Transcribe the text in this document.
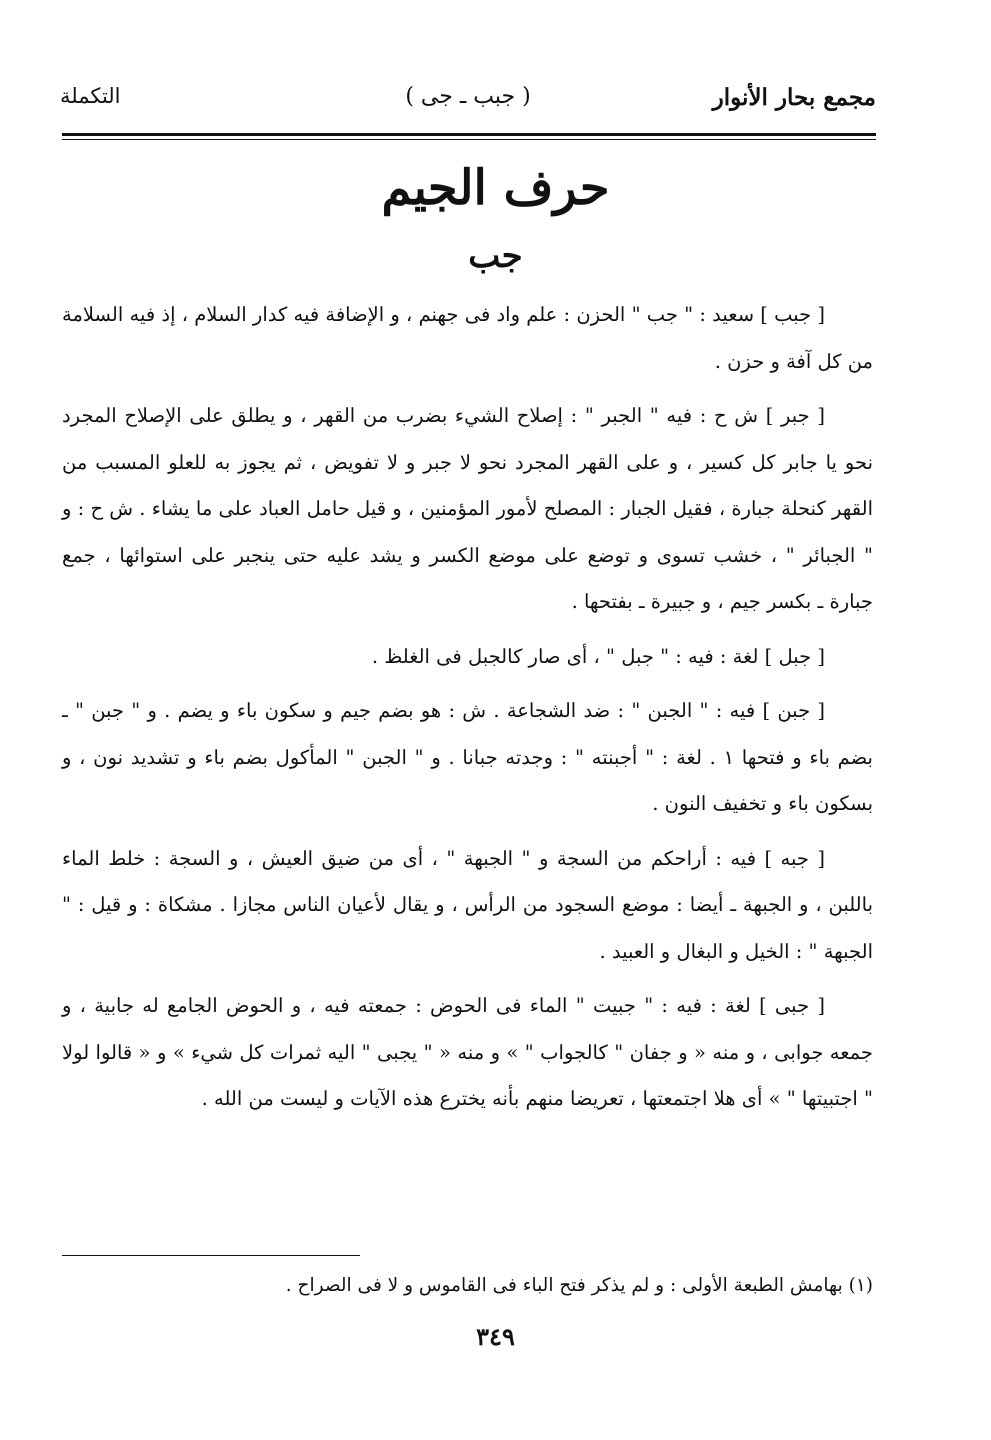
مجمع بحار الأنوار
( جبب ـ جى )
التكملة
حرف الجيم
جب

[ جبب ] سعيد : " جب " الحزن : علم واد فى جهنم ، و الإضافة فيه كدار السلام ، إذ فيه السلامة من كل آفة و حزن .

[ جبر ] ش ح : فيه " الجبر " : إصلاح الشيء بضرب من القهر ، و يطلق على الإصلاح المجرد نحو يا جابر كل كسير ، و على القهر المجرد نحو لا جبر و لا تفويض ، ثم يجوز به للعلو المسبب من القهر كنحلة جبارة ، فقيل الجبار : المصلح لأمور المؤمنين ، و قيل حامل العباد على ما يشاء . ش ح : و " الجبائر " ، خشب تسوى و توضع على موضع الكسر و يشد عليه حتى ينجبر على استوائها ، جمع جبارة ـ بكسر جيم ، و جبيرة ـ بفتحها .

[ جبل ] لغة : فيه : " جبل " ، أى صار كالجبل فى الغلظ .

[ جبن ] فيه : " الجبن " : ضد الشجاعة . ش : هو بضم جيم و سكون باء و يضم . و " جبن " ـ بضم باء و فتحها ١ . لغة : " أجبنته " : وجدته جبانا . و " الجبن " المأكول بضم باء و تشديد نون ، و بسكون باء و تخفيف النون .

[ جبه ] فيه : أراحكم من السجة و " الجبهة " ، أى من ضيق العيش ، و السجة : خلط الماء باللبن ، و الجبهة ـ أيضا : موضع السجود من الرأس ، و يقال لأعيان الناس مجازا . مشكاة : و قيل : " الجبهة " : الخيل و البغال و العبيد .

[ جبى ] لغة : فيه : " جبيت " الماء فى الحوض : جمعته فيه ، و الحوض الجامع له جابية ، و جمعه جوابى ، و منه « و جفان " كالجواب " » و منه « " يجبى " اليه ثمرات كل شيء » و « قالوا لولا " اجتبيتها " » أى هلا اجتمعتها ، تعريضا منهم بأنه يخترع هذه الآيات و ليست من الله .

(١) بهامش الطبعة الأولى : و لم يذكر فتح الباء فى القاموس و لا فى الصراح .
٣٤٩
